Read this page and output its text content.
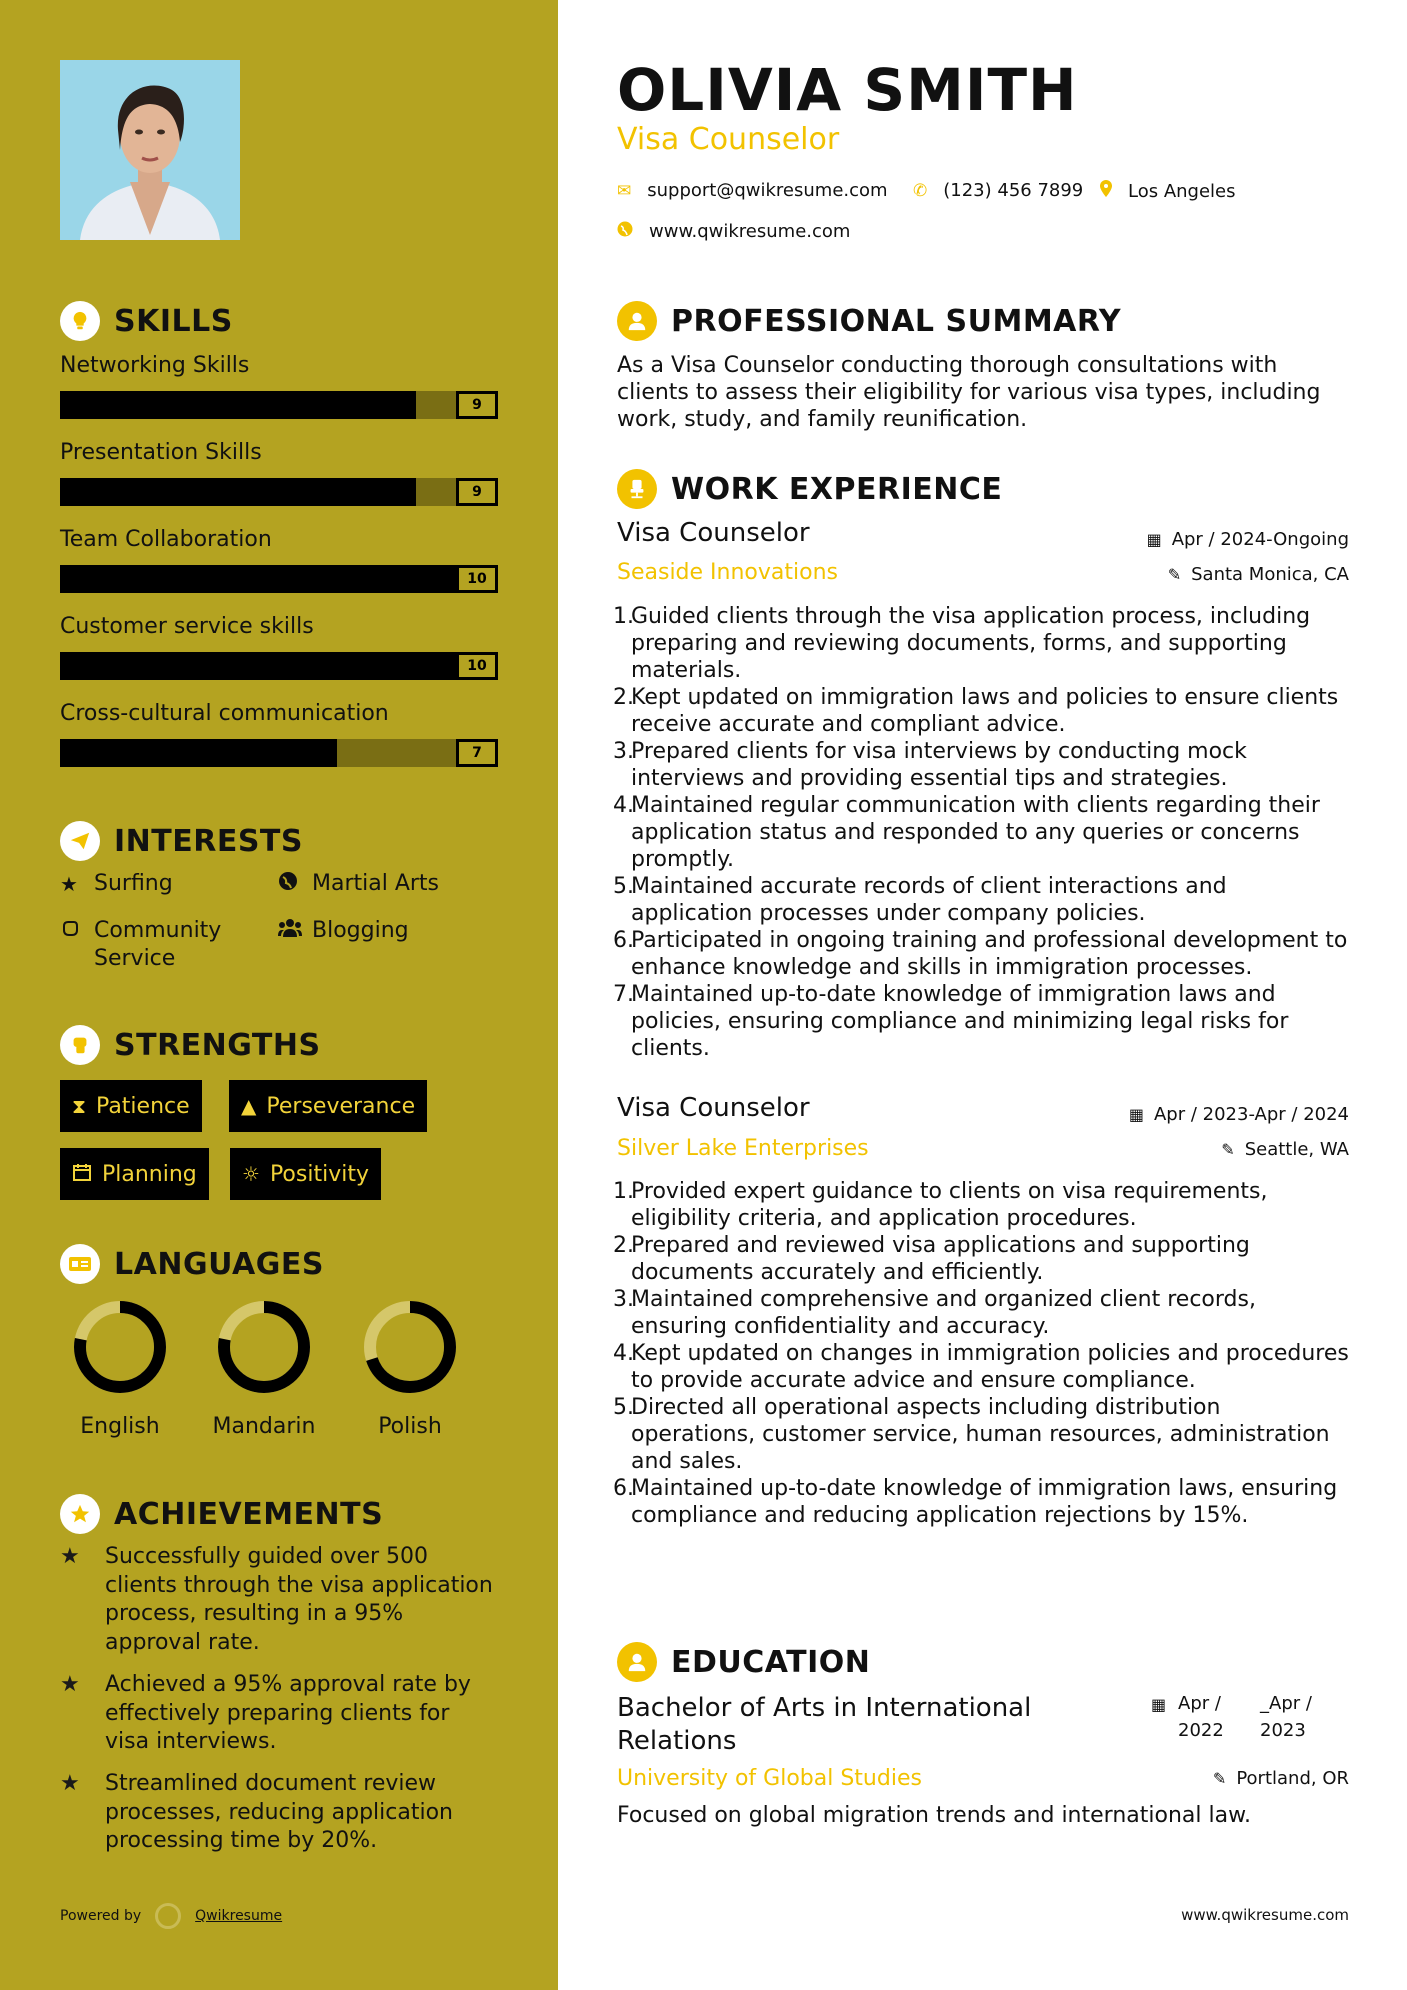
SKILLS
Networking Skills
9
Presentation Skills
9
Team Collaboration
10
Customer service skills
10
Cross-cultural communication
7
INTERESTS
★ Surfing	Martial Arts
Community Service
Blogging
STRENGTHS
⧗ Patience	▲ Perseverance
Planning ☼ Positivity
LANGUAGES
English	Mandarin	Polish
ACHIEVEMENTS
★	Successfully guided over 500 clients through the visa application process, resulting in a 95% approval rate.
★	Achieved a 95% approval rate by effectively preparing clients for visa interviews.
★	Streamlined document review processes, reducing application processing time by 20%.
Powered by	Qwikresume
OLIVIA SMITH
Visa Counselor
✉ support@qwikresume.com ✆ (123) 456 7899 Los Angeles
www.qwikresume.com
PROFESSIONAL SUMMARY
As a Visa Counselor conducting thorough consultations with clients to assess their eligibility for various visa types, including work, study, and family reunification.
WORK EXPERIENCE
Visa Counselor
Seaside Innovations
▦ Apr / 2024-Ongoing
✎ Santa Monica, CA
1.
Guided clients through the visa application process, including preparing and reviewing documents, forms, and supporting materials.
2.
Kept updated on immigration laws and policies to ensure clients receive accurate and compliant advice.
3.
Prepared clients for visa interviews by conducting mock interviews and providing essential tips and strategies.
4.
Maintained regular communication with clients regarding their application status and responded to any queries or concerns promptly.
5.
Maintained accurate records of client interactions and application processes under company policies.
6.
Participated in ongoing training and professional development to enhance knowledge and skills in immigration processes.
7.
Maintained up-to-date knowledge of immigration laws and policies, ensuring compliance and minimizing legal risks for clients.
Visa Counselor
Silver Lake Enterprises
▦ Apr / 2023-Apr / 2024
✎ Seattle, WA
1.
Provided expert guidance to clients on visa requirements, eligibility criteria, and application procedures.
2.
Prepared and reviewed visa applications and supporting documents accurately and efficiently.
3.
Maintained comprehensive and organized client records, ensuring confidentiality and accuracy.
4.
Kept updated on changes in immigration policies and procedures to provide accurate advice and ensure compliance.
5.
Directed all operational aspects including distribution operations, customer service, human resources, administration and sales.
6.
Maintained up-to-date knowledge of immigration laws, ensuring compliance and reducing application rejections by 15%.
EDUCATION
Bachelor of Arts in International Relations
University of Global Studies
▦ Apr / 2022
_Apr / 2023
✎ Portland, OR
Focused on global migration trends and international law.
www.qwikresume.com
